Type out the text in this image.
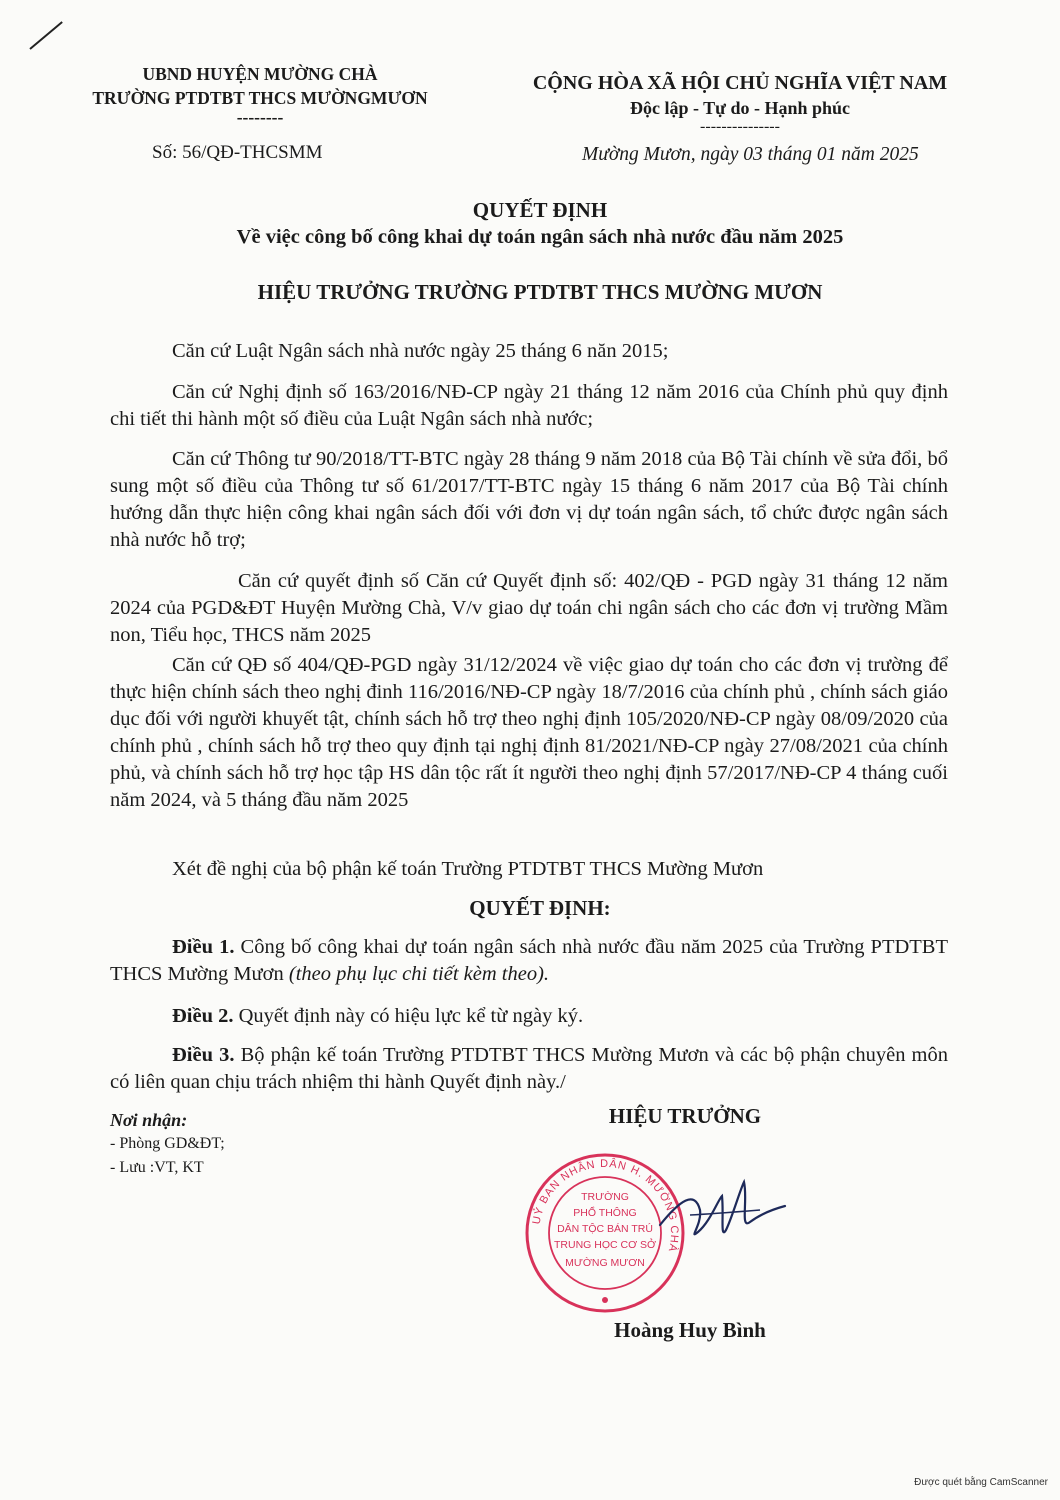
UBND HUYỆN MƯỜNG CHÀ
TRƯỜNG PTDTBT THCS MƯỜNGMƯƠN
--------
Số: 56/QĐ-THCSMM
CỘNG HÒA XÃ HỘI CHỦ NGHĨA VIỆT NAM
Độc lập - Tự do - Hạnh phúc
---------------
Mường Mươn, ngày 03 tháng 01 năm 2025
QUYẾT ĐỊNH
Về việc công bố công khai dự toán ngân sách nhà nước đầu năm 2025
HIỆU TRƯỞNG TRƯỜNG PTDTBT THCS MƯỜNG MƯƠN
Căn cứ Luật Ngân sách nhà nước ngày 25 tháng 6 năn 2015;
Căn cứ Nghị định số 163/2016/NĐ-CP ngày 21 tháng 12 năm 2016 của Chính phủ quy định chi tiết thi hành một số điều của Luật Ngân sách nhà nước;
Căn cứ Thông tư 90/2018/TT-BTC ngày 28 tháng 9 năm 2018 của Bộ Tài chính về sửa đổi, bổ sung một số điều của Thông tư số 61/2017/TT-BTC ngày 15 tháng 6 năm 2017 của Bộ Tài chính hướng dẫn thực hiện công khai ngân sách đối với đơn vị dự toán ngân sách, tổ chức được ngân sách nhà nước hỗ trợ;
Căn cứ quyết định số Căn cứ Quyết định số: 402/QĐ - PGD ngày 31 tháng 12 năm 2024 của PGD&ĐT Huyện Mường Chà, V/v giao dự toán chi ngân sách cho các đơn vị trường Mầm non, Tiểu học, THCS năm 2025
Căn cứ QĐ số 404/QĐ-PGD ngày 31/12/2024 về việc giao dự toán cho các đơn vị trường để thực hiện chính sách theo nghị đinh 116/2016/NĐ-CP ngày 18/7/2016 của chính phủ , chính sách giáo dục đối với người khuyết tật, chính sách hỗ trợ theo nghị định 105/2020/NĐ-CP ngày 08/09/2020 của chính phủ , chính sách hỗ trợ theo quy định tại nghị định 81/2021/NĐ-CP ngày 27/08/2021 của chính phủ, và chính sách hỗ trợ học tập HS dân tộc rất ít người theo nghị định 57/2017/NĐ-CP 4 tháng cuối năm 2024, và 5 tháng đầu năm 2025
Xét đề nghị của bộ phận kế toán Trường PTDTBT THCS Mường Mươn
QUYẾT ĐỊNH:
Điều 1. Công bố công khai dự toán ngân sách nhà nước đầu năm 2025 của Trường PTDTBT THCS Mường Mươn (theo phụ lục chi tiết kèm theo).
Điều 2. Quyết định này có hiệu lực kể từ ngày ký.
Điều 3. Bộ phận kế toán Trường PTDTBT THCS Mường Mươn và các bộ phận chuyên môn có liên quan chịu trách nhiệm thi hành Quyết định này./
Nơi nhận:
- Phòng GD&ĐT;
- Lưu :VT, KT
HIỆU TRƯỞNG
UỶ BAN NHÂN DÂN H. MƯỜNG CHÀ
TRƯỜNG
PHỔ THÔNG
DÂN TỘC BÁN TRÚ
TRUNG HỌC CƠ SỞ
MƯỜNG MƯƠN
Hoàng Huy Bình
Được quét bằng CamScanner
